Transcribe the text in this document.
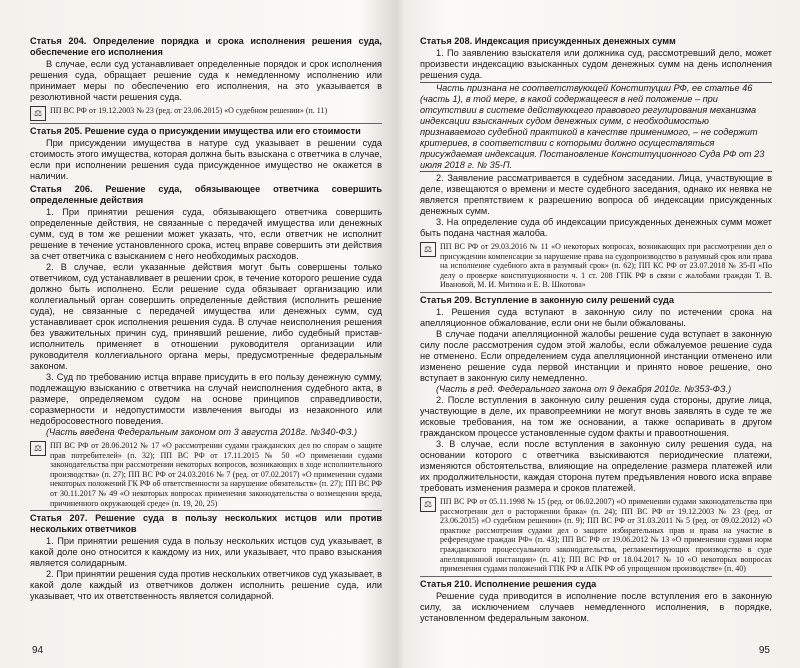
Статья 204. Определение порядка и срока исполнения решения суда, обеспечение его исполнения
В случае, если суд устанавливает определенные порядок и срок исполнения решения суда, обращает решение суда к немедленному исполнению или принимает меры по обеспечению его исполнения, на это указывается в резолютивной части решения суда.
⚖ ПП ВС РФ от 19.12.2003 № 23 (ред. от 23.06.2015) «О судебном решении» (п. 11)
Статья 205. Решение суда о присуждении имущества или его стоимости
При присуждении имущества в натуре суд указывает в решении суда стоимость этого имущества, которая должна быть взыскана с ответчика в случае, если при исполнении решения суда присужденное имущество не окажется в наличии.
Статья 206. Решение суда, обязывающее ответчика совершить определенные действия
1. При принятии решения суда, обязывающего ответчика совершить определенные действия, не связанные с передачей имущества или денежных сумм, суд в том же решении может указать, что, если ответчик не исполнит решение в течение установленного срока, истец вправе совершить эти действия за счет ответчика с взысканием с него необходимых расходов.
2. В случае, если указанные действия могут быть совершены только ответчиком, суд устанавливает в решении срок, в течение которого решение суда должно быть исполнено. Если решение суда обязывает организацию или коллегиальный орган совершить определенные действия (исполнить решение суда), не связанные с передачей имущества или денежных сумм, суд устанавливает срок исполнения решения суда. В случае неисполнения решения без уважительных причин суд, принявший решение, либо судебный пристав-исполнитель применяет в отношении руководителя организации или руководителя коллегиального органа меры, предусмотренные федеральным законом.
3. Суд по требованию истца вправе присудить в его пользу денежную сумму, подлежащую взысканию с ответчика на случай неисполнения судебного акта, в размере, определяемом судом на основе принципов справедливости, соразмерности и недопустимости извлечения выгоды из незаконного или недобросовестного поведения.
(Часть введена Федеральным законом от 3 августа 2018г. №340-ФЗ.)
⚖ ПП ВС РФ от 28.06.2012 № 17 «О рассмотрении судами гражданских дел по спорам о защите прав потребителей» (п. 32); ПП ВС РФ от 17.11.2015 № 50 «О применении судами законодательства при рассмотрении некоторых вопросов, возникающих в ходе исполнительного производства» (п. 27); ПП ВС РФ от 24.03.2016 № 7 (ред. от 07.02.2017) «О применении судами некоторых положений ГК РФ об ответственности за нарушение обязательств» (п. 27); ПП ВС РФ от 30.11.2017 № 49 «О некоторых вопросах применения законодательства о возмещении вреда, причиненного окружающей среде» (п. 19, 20, 25)
Статья 207. Решение суда в пользу нескольких истцов или против нескольких ответчиков
1. При принятии решения суда в пользу нескольких истцов суд указывает, в какой доле оно относится к каждому из них, или указывает, что право взыскания является солидарным.
2. При принятии решения суда против нескольких ответчиков суд указывает, в какой доле каждый из ответчиков должен исполнить решение суда, или указывает, что их ответственность является солидарной.
94
Статья 208. Индексация присужденных денежных сумм
1. По заявлению взыскателя или должника суд, рассмотревший дело, может произвести индексацию взысканных судом денежных сумм на день исполнения решения суда.
Часть признана не соответствующей Конституции РФ, ее статье 46 (часть 1), в той мере, в какой содержащееся в ней положение – при отсутствии в системе действующего правового регулирования механизма индексации взысканных судом денежных сумм, с необходимостью признаваемого судебной практикой в качестве применимого, – не содержит критериев, в соответствии с которыми должно осуществляться присуждаемая индексация. Постановление Конституционного Суда РФ от 23 июля 2018 г. № 35-П.
2. Заявление рассматривается в судебном заседании. Лица, участвующие в деле, извещаются о времени и месте судебного заседания, однако их неявка не является препятствием к разрешению вопроса об индексации присужденных денежных сумм.
3. На определение суда об индексации присужденных денежных сумм может быть подана частная жалоба.
⚖ ПП ВС РФ от 29.03.2016 № 11 «О некоторых вопросах, возникающих при рассмотрении дел о присуждении компенсации за нарушение права на судопроизводство в разумный срок или права на исполнение судебного акта в разумный срок» (п. 62); ПП КС РФ от 23.07.2018 № 35-П «По делу о проверке конституционности ч. 1 ст. 208 ГПК РФ в связи с жалобами граждан Т. В. Ивановой, М. И. Митина и Е. В. Шкотова»
Статья 209. Вступление в законную силу решений суда
1. Решения суда вступают в законную силу по истечении срока на апелляционное обжалование, если они не были обжалованы.
В случае подачи апелляционной жалобы решение суда вступает в законную силу после рассмотрения судом этой жалобы, если обжалуемое решение суда не отменено. Если определением суда апелляционной инстанции отменено или изменено решение суда первой инстанции и принято новое решение, оно вступает в законную силу немедленно.
(Часть в ред. Федерального закона от 9 декабря 2010г. №353-ФЗ.)
2. После вступления в законную силу решения суда стороны, другие лица, участвующие в деле, их правопреемники не могут вновь заявлять в суде те же исковые требования, на том же основании, а также оспаривать в другом гражданском процессе установленные судом факты и правоотношения.
3. В случае, если после вступления в законную силу решения суда, на основании которого с ответчика взыскиваются периодические платежи, изменяются обстоятельства, влияющие на определение размера платежей или их продолжительности, каждая сторона путем предъявления нового иска вправе требовать изменения размера и сроков платежей.
⚖ ПП ВС РФ от 05.11.1998 № 15 (ред. от 06.02.2007) «О применении судами законодательства при рассмотрении дел о расторжении брака» (п. 24); ПП ВС РФ от 19.12.2003 № 23 (ред. от 23.06.2015) «О судебном решении» (п. 9); ПП ВС РФ от 31.03.2011 № 5 (ред. от 09.02.2012) «О практике рассмотрения судами дел о защите избирательных прав и права на участие в референдуме граждан РФ» (п. 43); ПП ВС РФ от 19.06.2012 № 13 «О применении судами норм гражданского процессуального законодательства, регламентирующих производство в суде апелляционной инстанции» (п. 41); ПП ВС РФ от 18.04.2017 № 10 «О некоторых вопросах применения судами положений ГПК РФ и АПК РФ об упрощенном производстве» (п. 40)
Статья 210. Исполнение решения суда
Решение суда приводится в исполнение после вступления его в законную силу, за исключением случаев немедленного исполнения, в порядке, установленном федеральным законом.
95
